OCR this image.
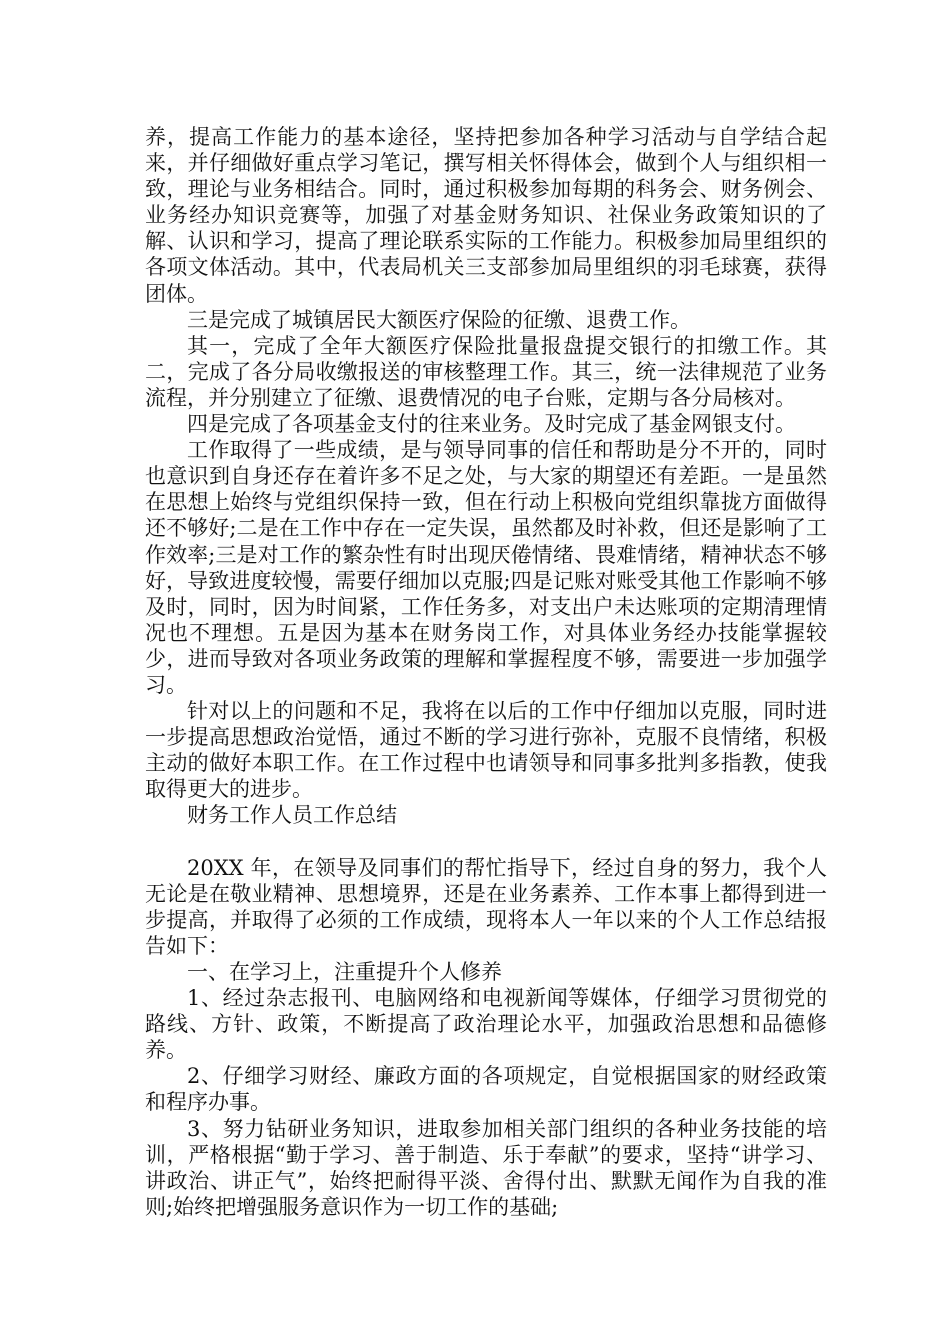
养，提高工作能力的基本途径，坚持把参加各种学习活动与自学结合起来，并仔细做好重点学习笔记，撰写相关怀得体会，做到个人与组织相一致，理论与业务相结合。同时，通过积极参加每期的科务会、财务例会、业务经办知识竞赛等，加强了对基金财务知识、社保业务政策知识的了解、认识和学习，提高了理论联系实际的工作能力。积极参加局里组织的各项文体活动。其中，代表局机关三支部参加局里组织的羽毛球赛，获得团体。

三是完成了城镇居民大额医疗保险的征缴、退费工作。

其一，完成了全年大额医疗保险批量报盘提交银行的扣缴工作。其二，完成了各分局收缴报送的审核整理工作。其三，统一法律规范了业务流程，并分别建立了征缴、退费情况的电子台账，定期与各分局核对。

四是完成了各项基金支付的往来业务。及时完成了基金网银支付。

工作取得了一些成绩，是与领导同事的信任和帮助是分不开的，同时也意识到自身还存在着许多不足之处，与大家的期望还有差距。一是虽然在思想上始终与党组织保持一致，但在行动上积极向党组织靠拢方面做得还不够好;二是在工作中存在一定失误，虽然都及时补救，但还是影响了工作效率;三是对工作的繁杂性有时出现厌倦情绪、畏难情绪，精神状态不够好，导致进度较慢，需要仔细加以克服;四是记账对账受其他工作影响不够及时，同时，因为时间紧，工作任务多，对支出户未达账项的定期清理情况也不理想。五是因为基本在财务岗工作，对具体业务经办技能掌握较少，进而导致对各项业务政策的理解和掌握程度不够，需要进一步加强学习。

针对以上的问题和不足，我将在以后的工作中仔细加以克服，同时进一步提高思想政治觉悟，通过不断的学习进行弥补，克服不良情绪，积极主动的做好本职工作。在工作过程中也请领导和同事多批判多指教，使我取得更大的进步。

财务工作人员工作总结

20XX 年，在领导及同事们的帮忙指导下，经过自身的努力，我个人无论是在敬业精神、思想境界，还是在业务素养、工作本事上都得到进一步提高，并取得了必须的工作成绩，现将本人一年以来的个人工作总结报告如下：

一、在学习上，注重提升个人修养

1、经过杂志报刊、电脑网络和电视新闻等媒体，仔细学习贯彻党的路线、方针、政策，不断提高了政治理论水平，加强政治思想和品德修养。

2、仔细学习财经、廉政方面的各项规定，自觉根据国家的财经政策和程序办事。

3、努力钻研业务知识，进取参加相关部门组织的各种业务技能的培训，严格根据“勤于学习、善于制造、乐于奉献”的要求，坚持“讲学习、讲政治、讲正气”，始终把耐得平淡、舍得付出、默默无闻作为自我的准则;始终把增强服务意识作为一切工作的基础;
